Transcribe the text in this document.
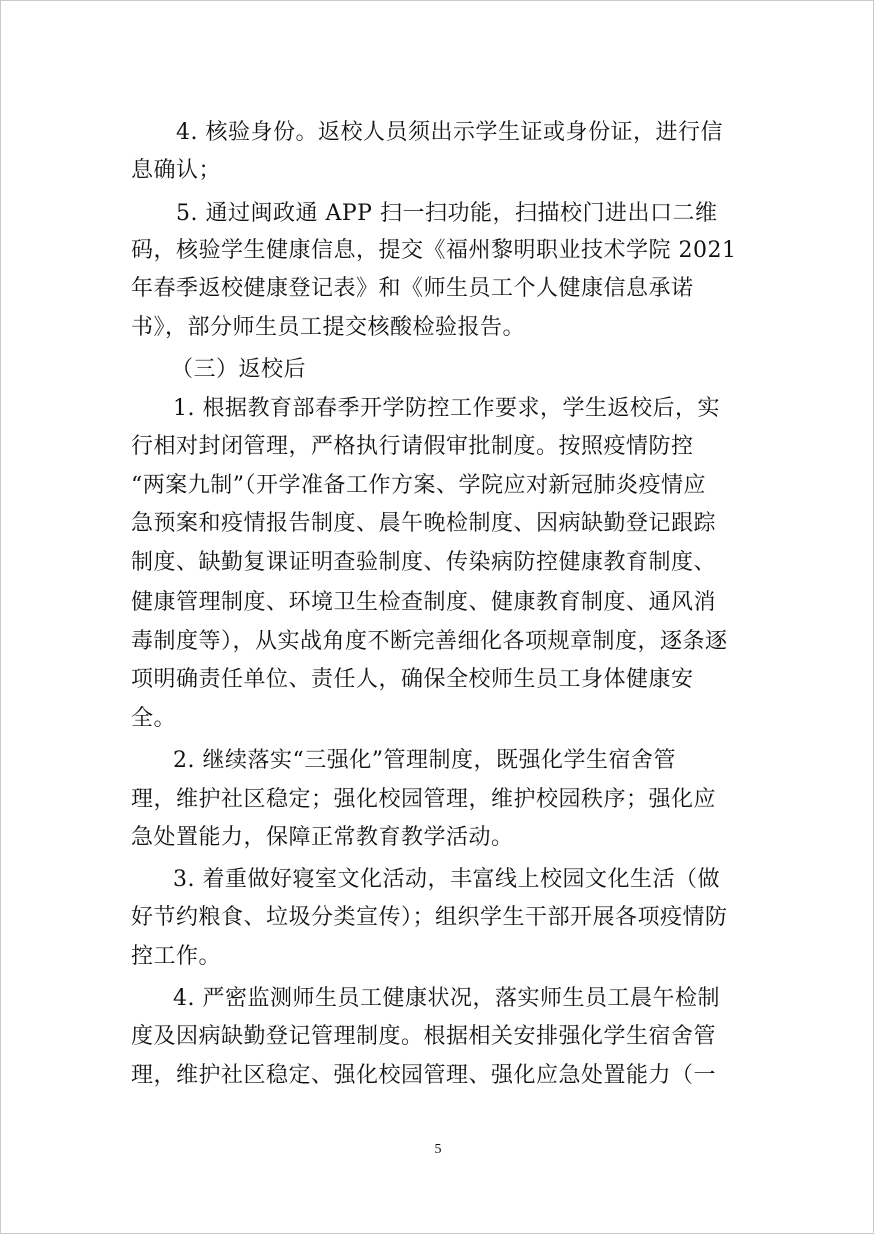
4. 核验身份。返校人员须出示学生证或身份证，进行信
息确认；
5. 通过闽政通 APP 扫一扫功能，扫描校门进出口二维
码，核验学生健康信息，提交《福州黎明职业技术学院 2021
年春季返校健康登记表》和《师生员工个人健康信息承诺
书》，部分师生员工提交核酸检验报告。
（三）返校后
1. 根据教育部春季开学防控工作要求，学生返校后，实
行相对封闭管理，严格执行请假审批制度。按照疫情防控
“两案九制”（开学准备工作方案、学院应对新冠肺炎疫情应
急预案和疫情报告制度、晨午晚检制度、因病缺勤登记跟踪
制度、缺勤复课证明查验制度、传染病防控健康教育制度、
健康管理制度、环境卫生检查制度、健康教育制度、通风消
毒制度等），从实战角度不断完善细化各项规章制度，逐条逐
项明确责任单位、责任人，确保全校师生员工身体健康安
全。
2. 继续落实“三强化”管理制度，既强化学生宿舍管
理，维护社区稳定；强化校园管理，维护校园秩序；强化应
急处置能力，保障正常教育教学活动。
3. 着重做好寝室文化活动，丰富线上校园文化生活（做
好节约粮食、垃圾分类宣传）；组织学生干部开展各项疫情防
控工作。
4. 严密监测师生员工健康状况，落实师生员工晨午检制
度及因病缺勤登记管理制度。根据相关安排强化学生宿舍管
理，维护社区稳定、强化校园管理、强化应急处置能力（一
5
